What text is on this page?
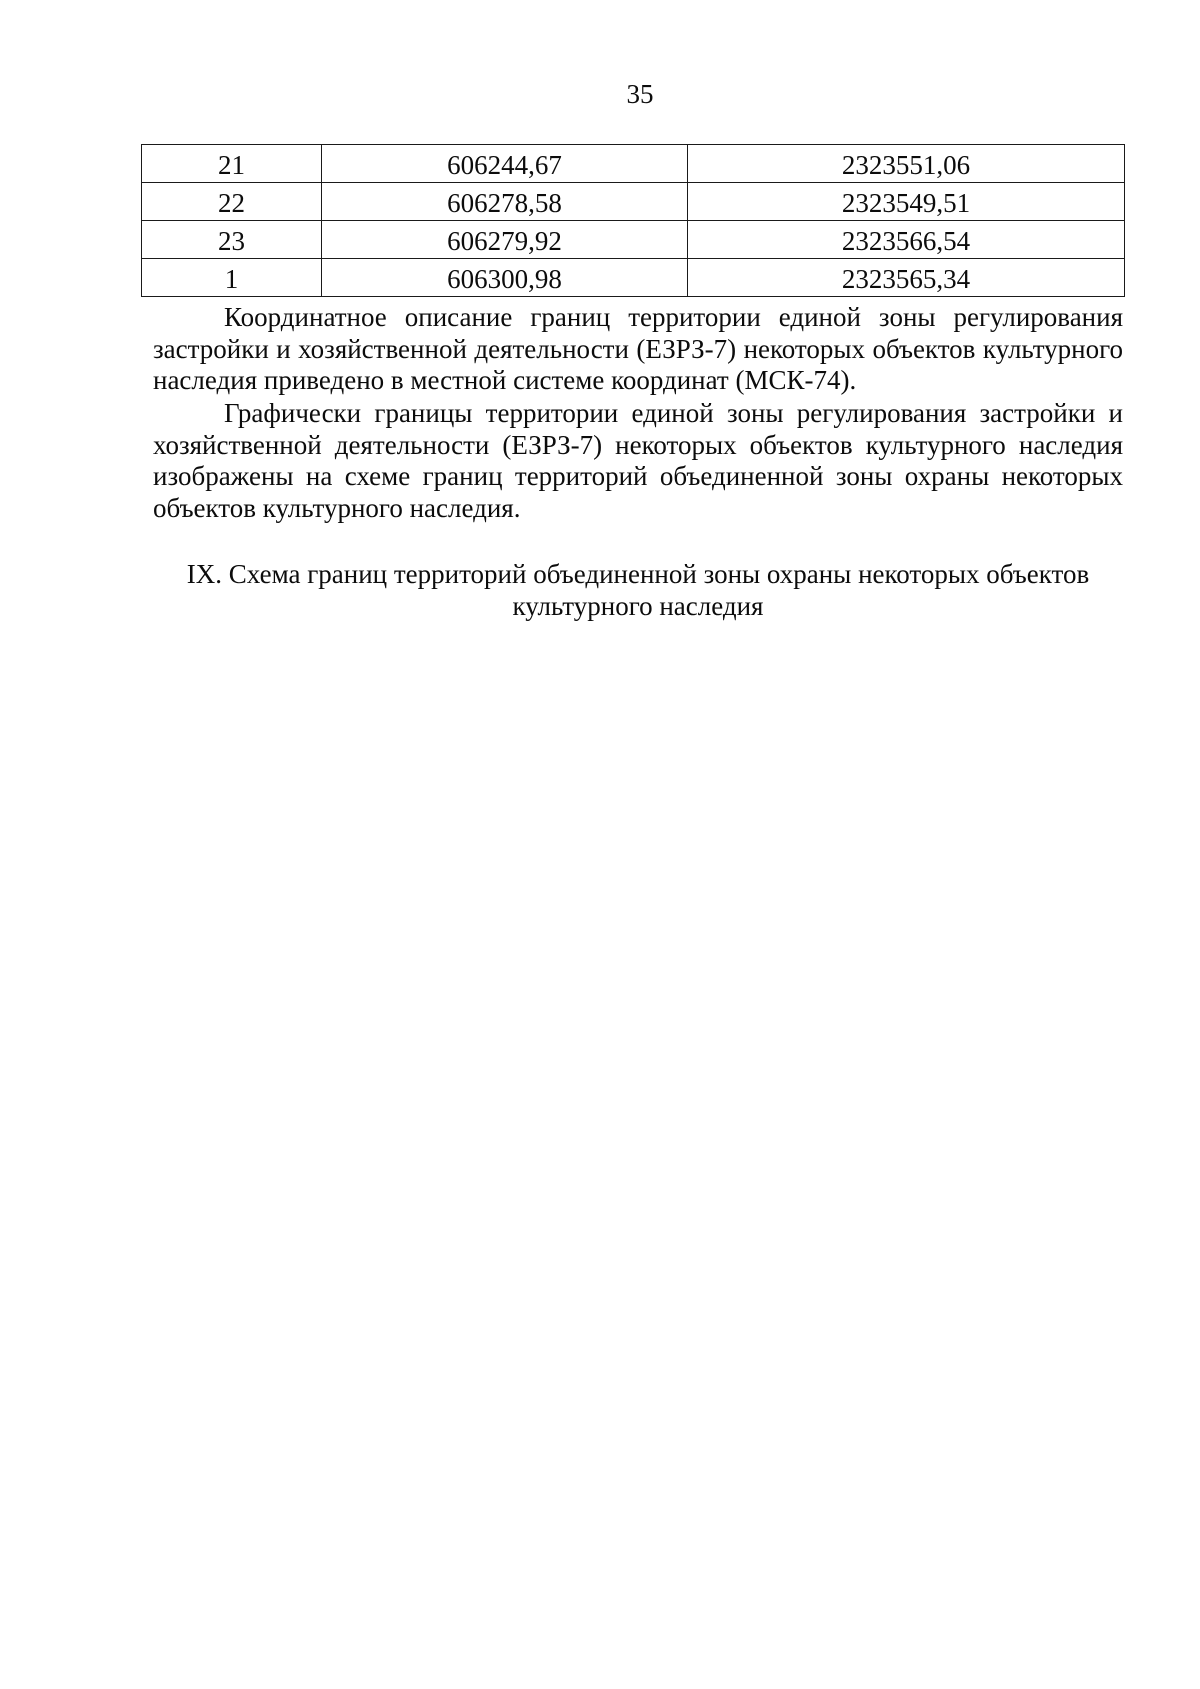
35
21	606244,67	2323551,06
22	606278,58	2323549,51
23	606279,92	2323566,54
1	606300,98	2323565,34

Координатное описание границ территории единой зоны регулирования застройки и хозяйственной деятельности (ЕЗРЗ-7) некоторых объектов культурного наследия приведено в местной системе координат (МСК-74).

Графически границы территории единой зоны регулирования застройки и хозяйственной деятельности (ЕЗРЗ-7) некоторых объектов культурного наследия изображены на схеме границ территорий объединенной зоны охраны некоторых объектов культурного наследия.

IX. Схема границ территорий объединенной зоны охраны некоторых объектов
культурного наследия
